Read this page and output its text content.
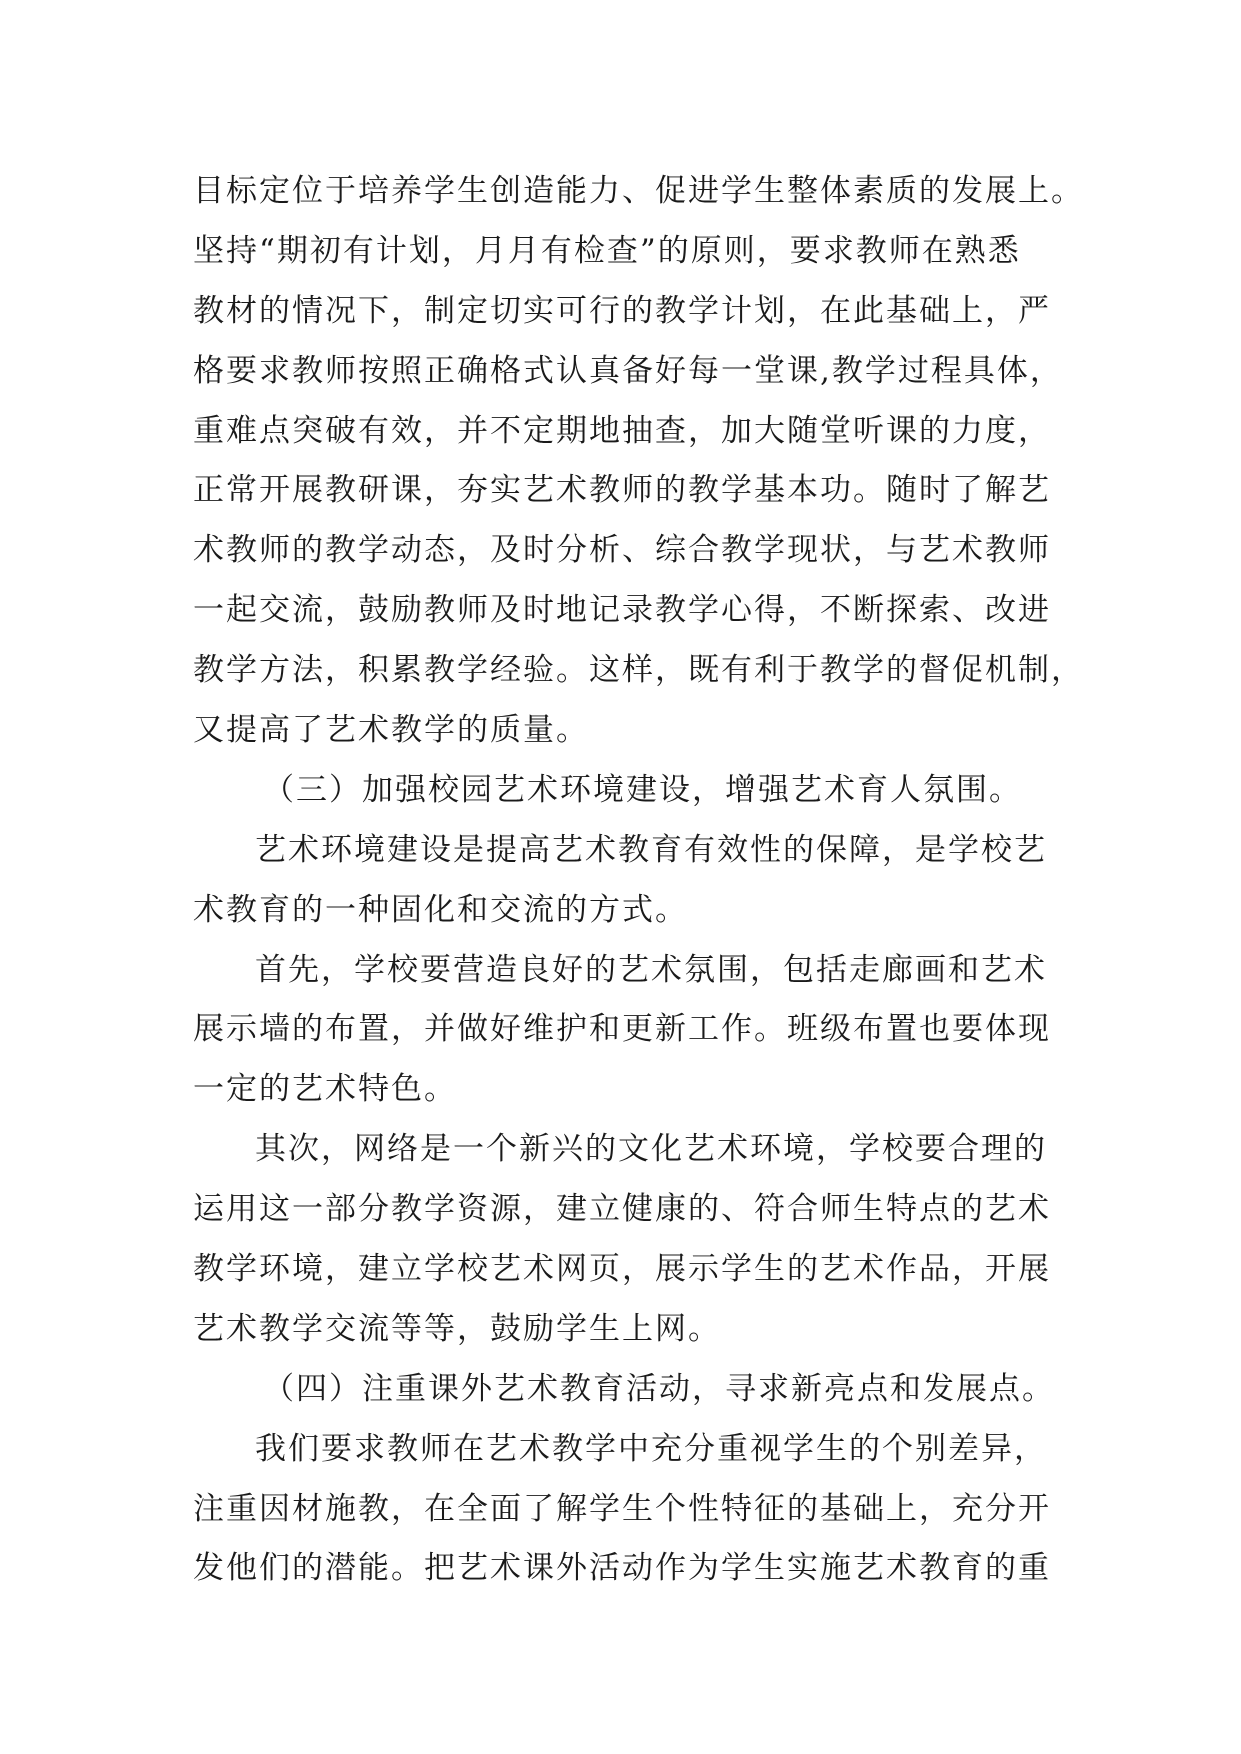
目标定位于培养学生创造能力、促进学生整体素质的发展上。
坚持“期初有计划，月月有检查”的原则，要求教师在熟悉
教材的情况下，制定切实可行的教学计划，在此基础上，严
格要求教师按照正确格式认真备好每一堂课,教学过程具体，
重难点突破有效，并不定期地抽查，加大随堂听课的力度，
正常开展教研课，夯实艺术教师的教学基本功。随时了解艺
术教师的教学动态，及时分析、综合教学现状，与艺术教师
一起交流，鼓励教师及时地记录教学心得，不断探索、改进
教学方法，积累教学经验。这样，既有利于教学的督促机制，
又提高了艺术教学的质量。
（三）加强校园艺术环境建设，增强艺术育人氛围。
艺术环境建设是提高艺术教育有效性的保障，是学校艺
术教育的一种固化和交流的方式。
首先，学校要营造良好的艺术氛围，包括走廊画和艺术
展示墙的布置，并做好维护和更新工作。班级布置也要体现
一定的艺术特色。
其次，网络是一个新兴的文化艺术环境，学校要合理的
运用这一部分教学资源，建立健康的、符合师生特点的艺术
教学环境，建立学校艺术网页，展示学生的艺术作品，开展
艺术教学交流等等，鼓励学生上网。
（四）注重课外艺术教育活动，寻求新亮点和发展点。
我们要求教师在艺术教学中充分重视学生的个别差异，
注重因材施教，在全面了解学生个性特征的基础上，充分开
发他们的潜能。把艺术课外活动作为学生实施艺术教育的重
